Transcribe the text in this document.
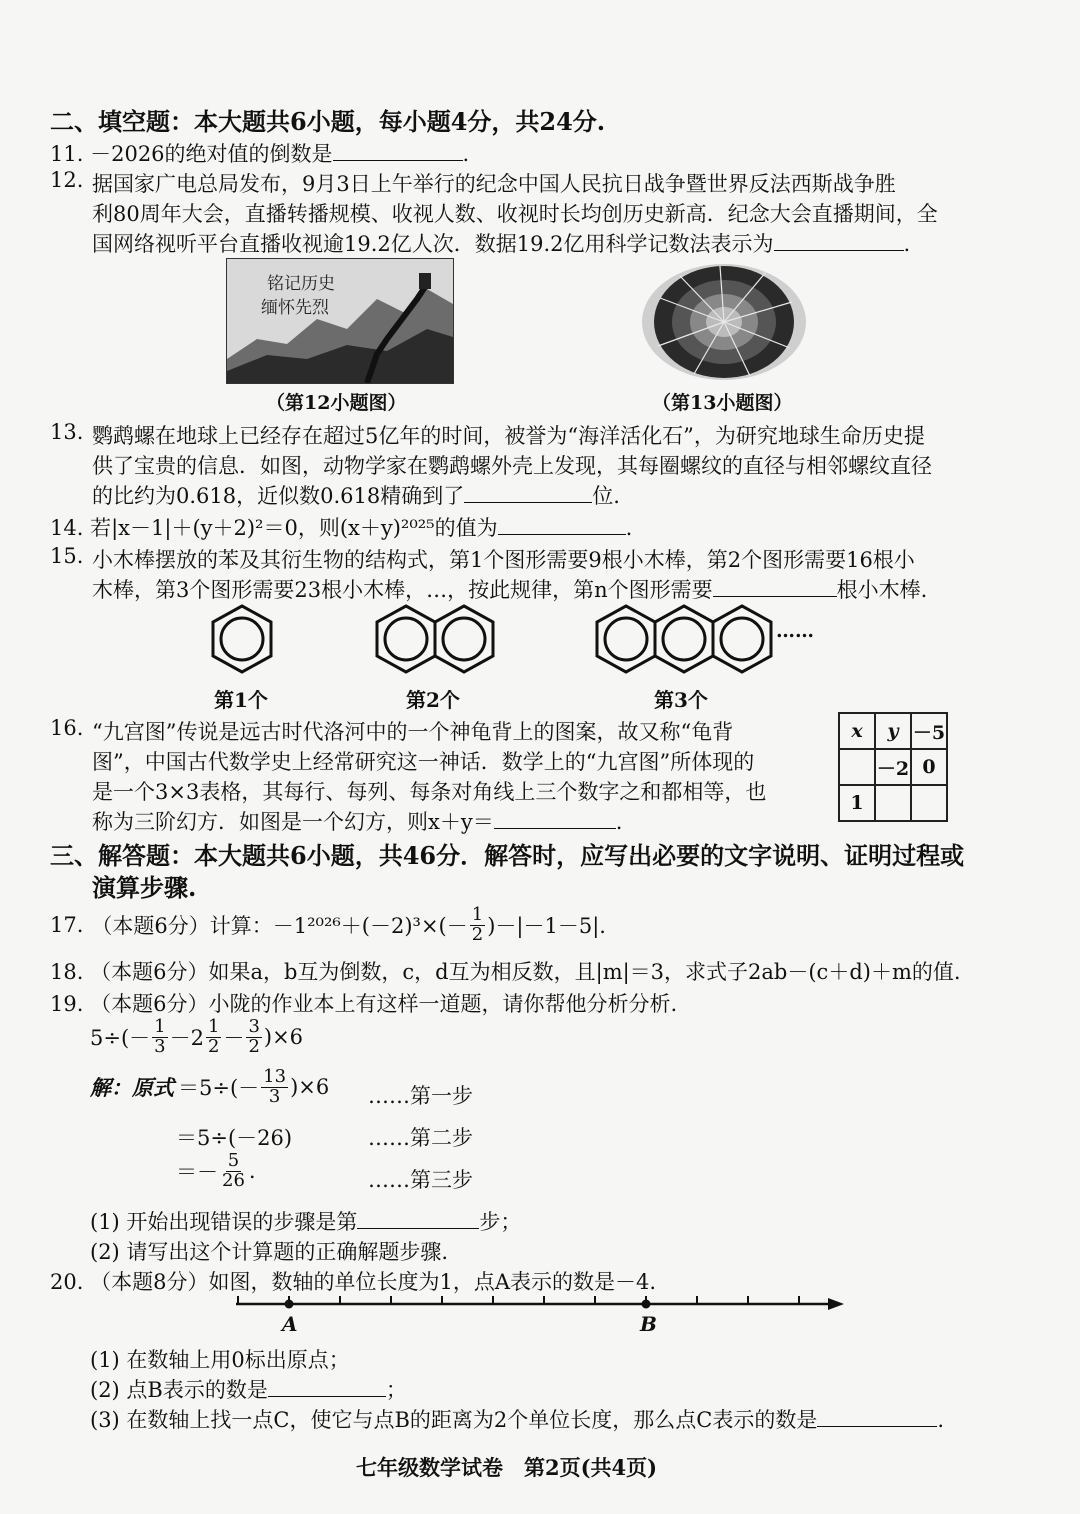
二、填空题：本大题共6小题，每小题4分，共24分.
11. －2026的绝对值的倒数是	.
12. 据国家广电总局发布，9月3日上午举行的纪念中国人民抗日战争暨世界反法西斯战争胜
利80周年大会，直播转播规模、收视人数、收视时长均创历史新高．纪念大会直播期间，全
国网络视听平台直播收视逾19.2亿人次．数据19.2亿用科学记数法表示为	.
铭记历史
缅怀先烈
（第12小题图）	（第13小题图）
13. 鹦鹉螺在地球上已经存在超过5亿年的时间，被誉为“海洋活化石”，为研究地球生命历史提
供了宝贵的信息．如图，动物学家在鹦鹉螺外壳上发现，其每圈螺纹的直径与相邻螺纹直径
的比约为0.618，近似数0.618精确到了	位.
14. 若|x－1|＋(y＋2)²＝0，则(x＋y)²⁰²⁵的值为	.
15. 小木棒摆放的苯及其衍生物的结构式，第1个图形需要9根小木棒，第2个图形需要16根小
木棒，第3个图形需要23根小木棒，…，按此规律，第n个图形需要	根小木棒.
……
第1个	第2个	第3个
16. “九宫图”传说是远古时代洛河中的一个神龟背上的图案，故又称“龟背
图”，中国古代数学史上经常研究这一神话．数学上的“九宫图”所体现的
是一个3×3表格，其每行、每列、每条对角线上三个数字之和都相等，也
称为三阶幻方．如图是一个幻方，则x＋y＝	.
x	y	－5
	－2	0
1		
三、解答题：本大题共6小题，共46分．解答时，应写出必要的文字说明、证明过程或
演算步骤.
17. （本题6分）计算：$-1^{2026}+(-2)^3\times(- \frac{1}{2} )-|-1-5|$.
18. （本题6分）如果a，b互为倒数，c，d互为相反数，且|m|＝3，求式子2ab－(c＋d)＋m的值.
19. （本题6分）小陇的作业本上有这样一道题，请你帮他分析分析.
$5\div(- \frac{1}{3} -2 \frac{1}{2} - \frac{3}{2} )\times 6$
解：原式 $=5\div(- \frac{13}{3} )\times 6$ ……第一步
＝5÷(－26)	……第二步
＝－ $\frac{5}{26}$ .	……第三步
(1) 开始出现错误的步骤是第	步；
(2) 请写出这个计算题的正确解题步骤.
20. （本题8分）如图，数轴的单位长度为1，点A表示的数是－4.
A	B
(1) 在数轴上用0标出原点；
(2) 点B表示的数是	；
(3) 在数轴上找一点C，使它与点B的距离为2个单位长度，那么点C表示的数是	.
七年级数学试卷　第2页(共4页)
